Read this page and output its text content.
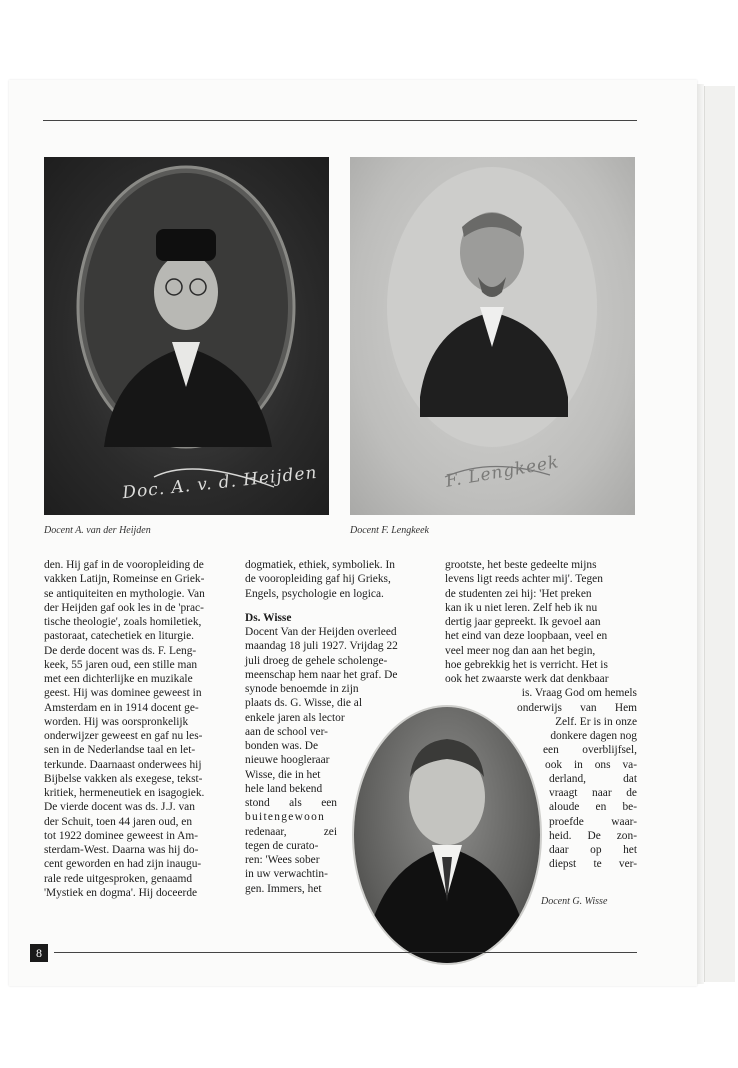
Doc. A. v. d. Heijden
Docent A. van der Heijden
F. Lengkeek
Docent F. Lengkeek

den. Hij gaf in de vooropleiding de

vakken Latijn, Romeinse en Griek-

se antiquiteiten en mythologie. Van

der Heijden gaf ook les in de 'prac-

tische theologie', zoals homiletiek,

pastoraat, catechetiek en liturgie.

De derde docent was ds. F. Leng-

keek, 55 jaren oud, een stille man

met een dichterlijke en muzikale

geest. Hij was dominee geweest in

Amsterdam en in 1914 docent ge-

worden. Hij was oorspronkelijk

onderwijzer geweest en gaf nu les-

sen in de Nederlandse taal en let-

terkunde. Daarnaast onderwees hij

Bijbelse vakken als exegese, tekst-

kritiek, hermeneutiek en isagogiek.

De vierde docent was ds. J.J. van

der Schuit, toen 44 jaren oud, en

tot 1922 dominee geweest in Am-

sterdam-West. Daarna was hij do-

cent geworden en had zijn inaugu-

rale rede uitgesproken, genaamd

'Mystiek en dogma'. Hij doceerde

dogmatiek, ethiek, symboliek. In

de vooropleiding gaf hij Grieks,

Engels, psychologie en logica.

Ds. Wisse

Docent Van der Heijden overleed

maandag 18 juli 1927. Vrijdag 22

juli droeg de gehele scholenge-

meenschap hem naar het graf. De

synode benoemde in zijn

plaats ds. G. Wisse, die al

enkele jaren als lector

aan de school ver-

bonden was. De

nieuwe hoogleraar

Wisse, die in het

hele land bekend

stond als een

buitengewoon

redenaar, zei

tegen de curato-

ren: 'Wees sober

in uw verwachtin-

gen. Immers, het

grootste, het beste gedeelte mijns

levens ligt reeds achter mij'. Tegen

de studenten zei hij: 'Het preken

kan ik u niet leren. Zelf heb ik nu

dertig jaar gepreekt. Ik gevoel aan

het eind van deze loopbaan, veel en

veel meer nog dan aan het begin,

hoe gebrekkig het is verricht. Het is

ook het zwaarste werk dat denkbaar

is. Vraag God om hemels

onderwijs van Hem

Zelf. Er is in onze

donkere dagen nog

een overblijfsel,

ook in ons va-

derland, dat

vraagt naar de

aloude en be-

proefde waar-

heid. De zon-

daar op het

diepst te ver-

Docent G. Wisse
8
